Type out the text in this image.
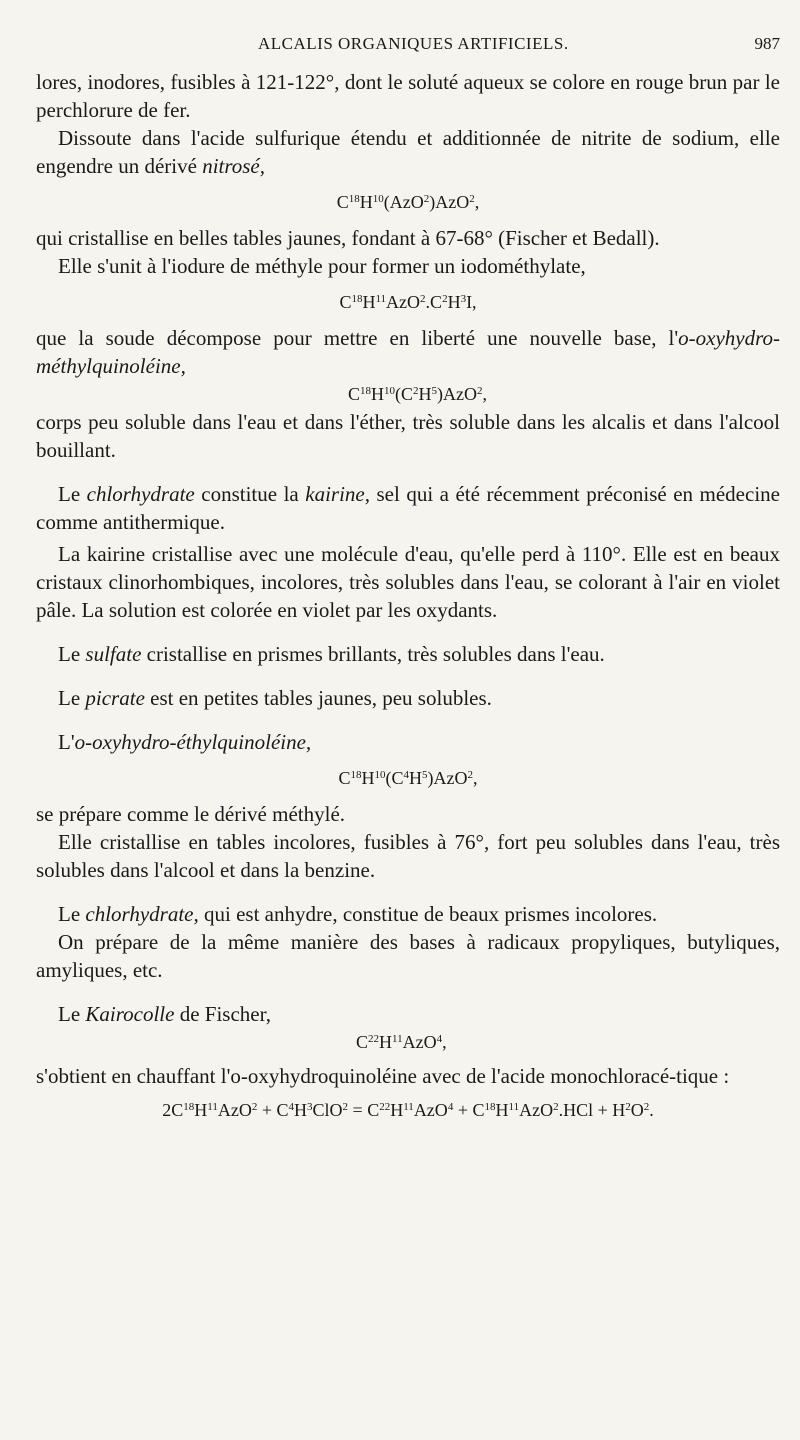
ALCALIS ORGANIQUES ARTIFICIELS.	987

lores, inodores, fusibles à 121-122°, dont le soluté aqueux se colore en rouge brun par le perchlorure de fer.

Dissoute dans l'acide sulfurique étendu et additionnée de nitrite de sodium, elle engendre un dérivé nitrosé,

$C^{18}H^{10}(AzO^2)AzO^2$,

qui cristallise en belles tables jaunes, fondant à 67-68° (Fischer et Bedall).

Elle s'unit à l'iodure de méthyle pour former un iodométhylate,

$C^{18}H^{11}AzO^2.C^2H^3I$,

que la soude décompose pour mettre en liberté une nouvelle base, l'o-oxyhydro-méthylquinoléine,

$C^{18}H^{10}(C^2H^5)AzO^2$,

corps peu soluble dans l'eau et dans l'éther, très soluble dans les alcalis et dans l'alcool bouillant.

Le chlorhydrate constitue la kairine, sel qui a été récemment préconisé en médecine comme antithermique.

La kairine cristallise avec une molécule d'eau, qu'elle perd à 110°. Elle est en beaux cristaux clinorhombiques, incolores, très solubles dans l'eau, se colorant à l'air en violet pâle. La solution est colorée en violet par les oxydants.

Le sulfate cristallise en prismes brillants, très solubles dans l'eau.

Le picrate est en petites tables jaunes, peu solubles.

L'o-oxyhydro-éthylquinoléine,

$C^{18}H^{10}(C^4H^5)AzO^2$,

se prépare comme le dérivé méthylé.

Elle cristallise en tables incolores, fusibles à 76°, fort peu solubles dans l'eau, très solubles dans l'alcool et dans la benzine.

Le chlorhydrate, qui est anhydre, constitue de beaux prismes incolores.

On prépare de la même manière des bases à radicaux propyliques, butyliques, amyliques, etc.

Le Kairocolle de Fischer,

$C^{22}H^{11}AzO^4$,

s'obtient en chauffant l'o-oxyhydroquinoléine avec de l'acide monochloracé-tique :

$2C^{18}H^{11}AzO^2 + C^4H^3ClO^2 = C^{22}H^{11}AzO^4 + C^{18}H^{11}AzO^2.HCl + H^2O^2$.
